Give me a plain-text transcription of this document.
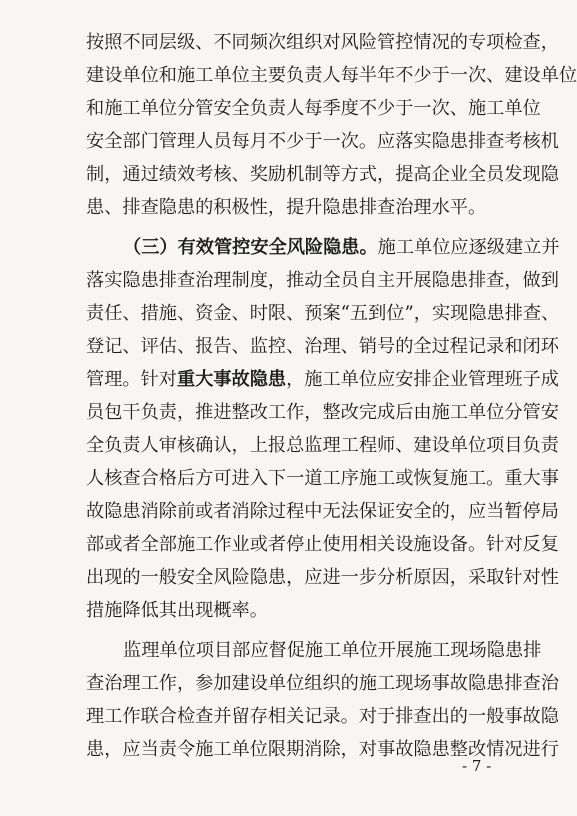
按照不同层级、不同频次组织对风险管控情况的专项检查，
建设单位和施工单位主要负责人每半年不少于一次、建设单位
和施工单位分管安全负责人每季度不少于一次、施工单位
安全部门管理人员每月不少于一次。应落实隐患排查考核机
制，通过绩效考核、奖励机制等方式，提高企业全员发现隐
患、排查隐患的积极性，提升隐患排查治理水平。
（三）有效管控安全风险隐患。施工单位应逐级建立并
落实隐患排查治理制度，推动全员自主开展隐患排查，做到
责任、措施、资金、时限、预案“五到位”，实现隐患排查、
登记、评估、报告、监控、治理、销号的全过程记录和闭环
管理。针对重大事故隐患，施工单位应安排企业管理班子成
员包干负责，推进整改工作，整改完成后由施工单位分管安
全负责人审核确认，上报总监理工程师、建设单位项目负责
人核查合格后方可进入下一道工序施工或恢复施工。重大事
故隐患消除前或者消除过程中无法保证安全的，应当暂停局
部或者全部施工作业或者停止使用相关设施设备。针对反复
出现的一般安全风险隐患，应进一步分析原因，采取针对性
措施降低其出现概率。
监理单位项目部应督促施工单位开展施工现场隐患排
查治理工作，参加建设单位组织的施工现场事故隐患排查治
理工作联合检查并留存相关记录。对于排查出的一般事故隐
患，应当责令施工单位限期消除，对事故隐患整改情况进行
- 7 -
